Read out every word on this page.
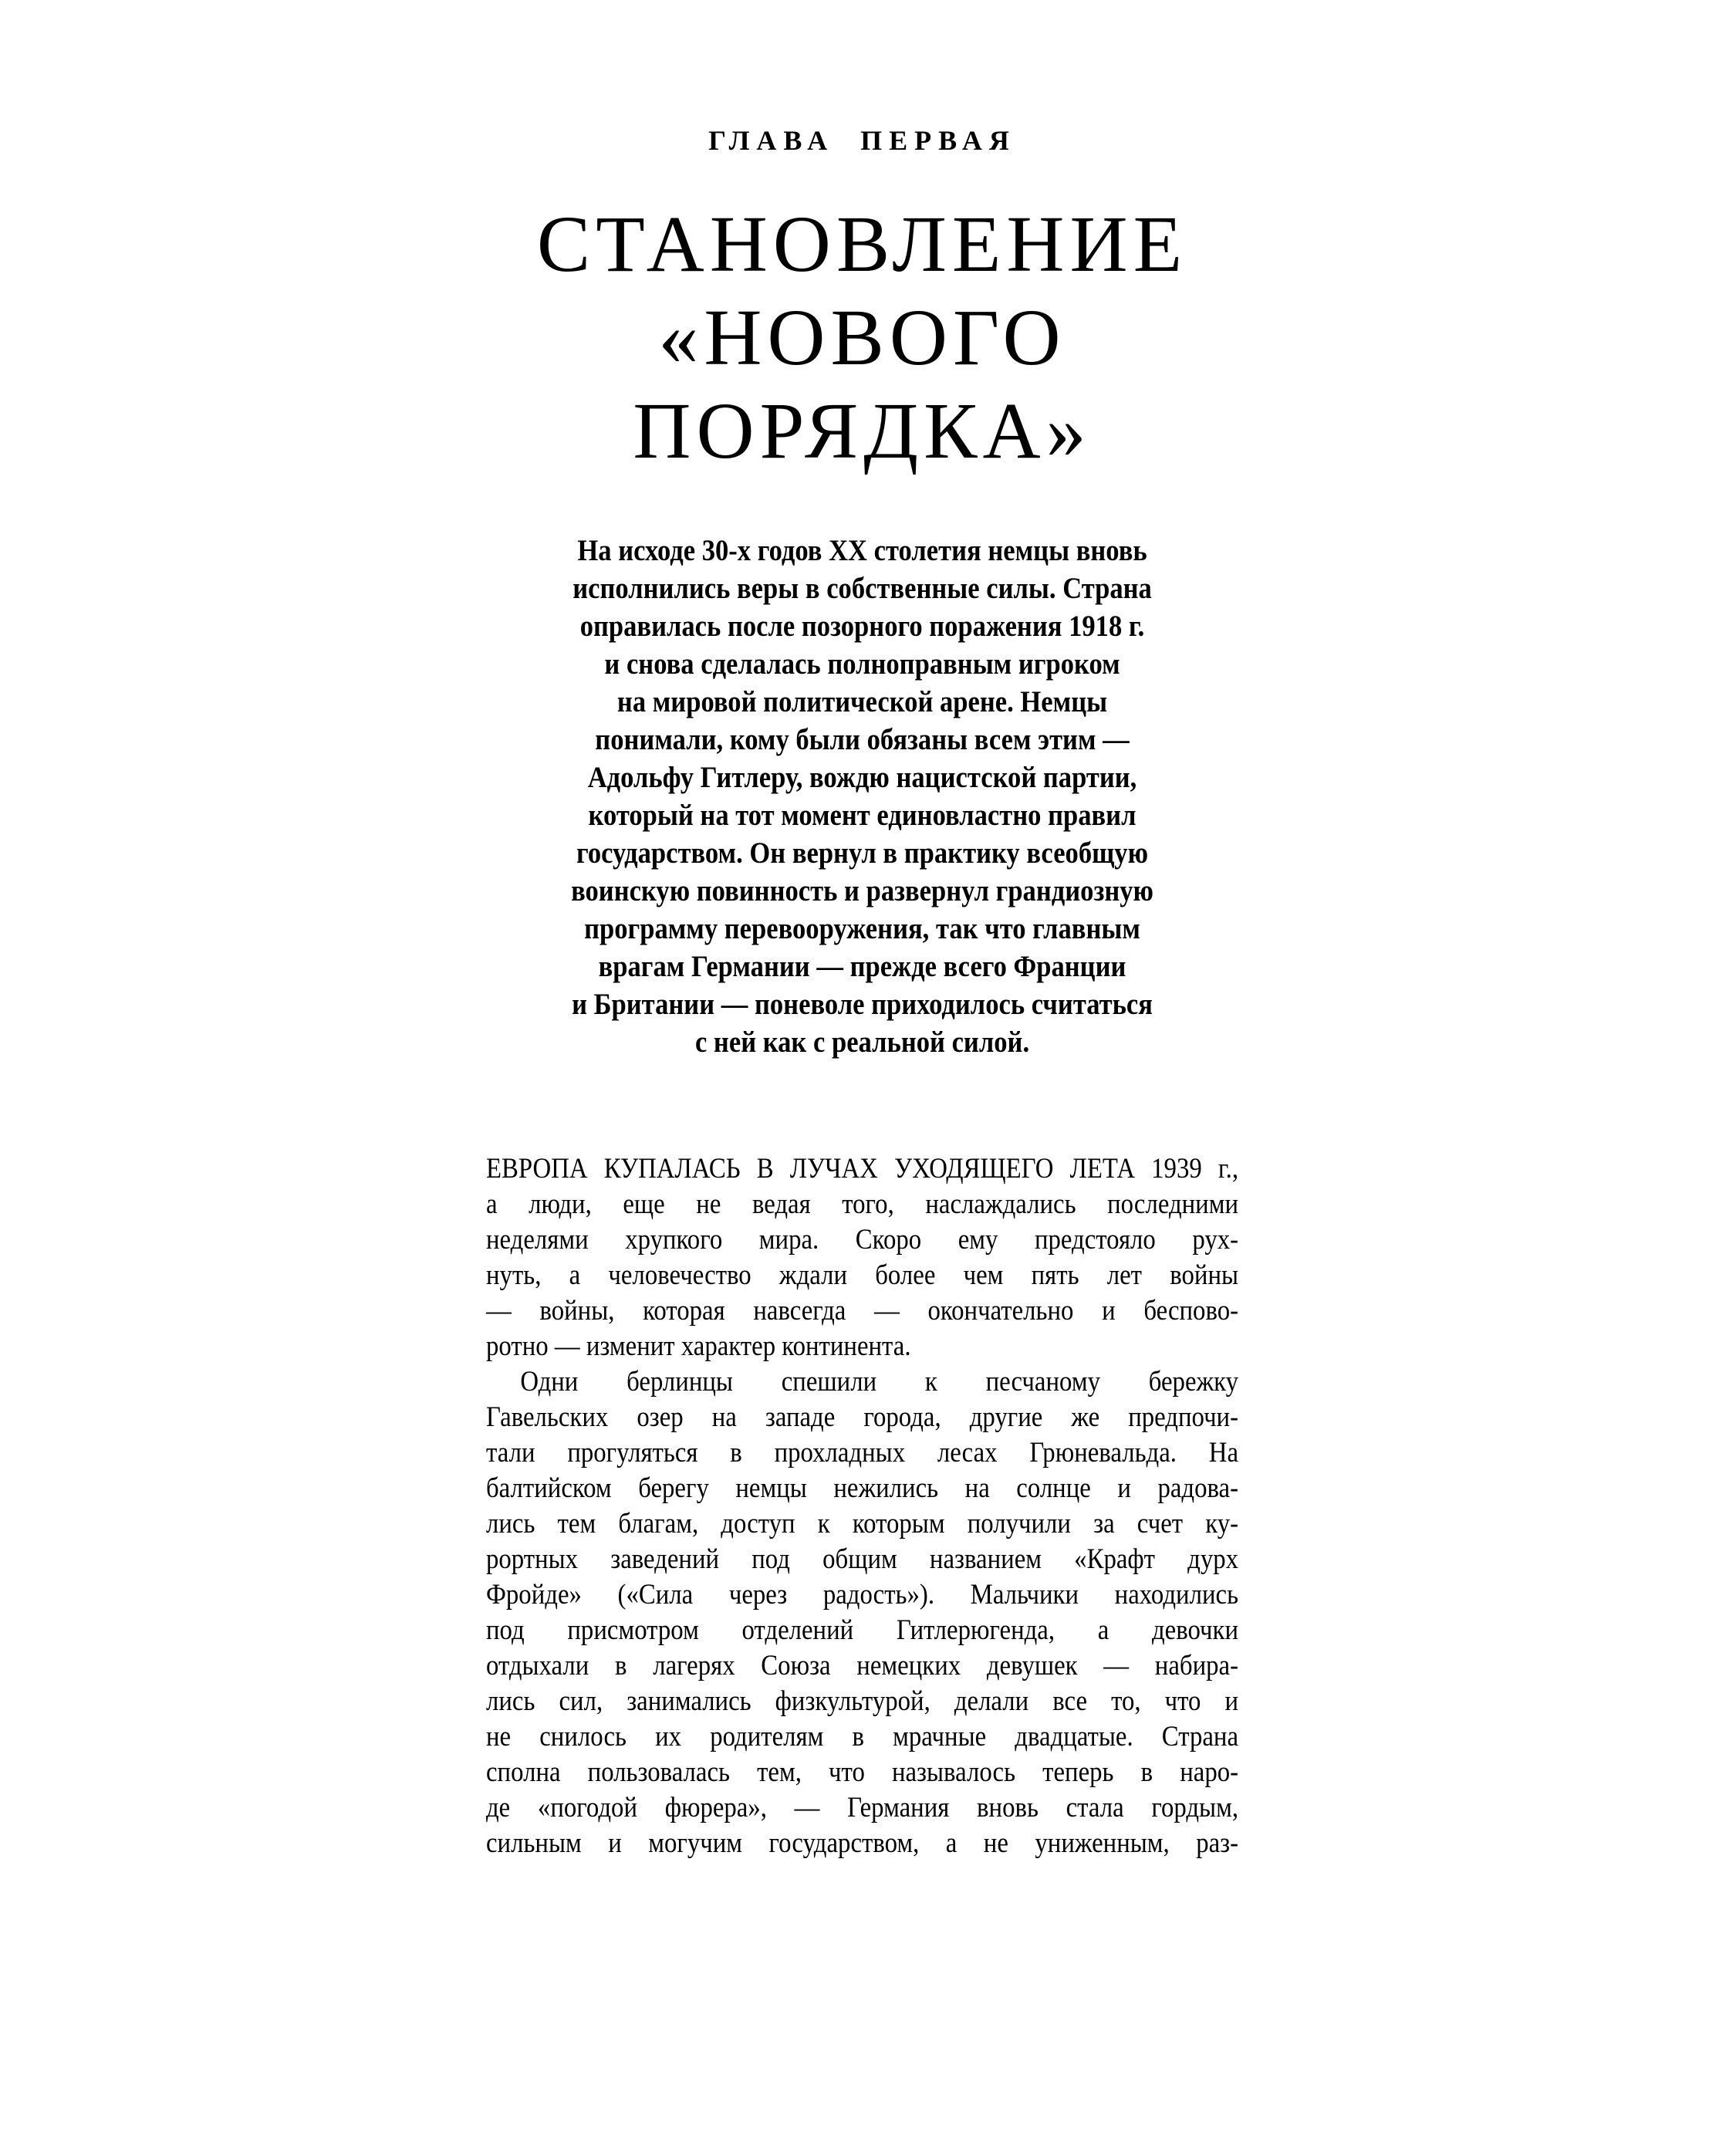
ГЛАВА ПЕРВАЯ
СТАНОВЛЕНИЕ
«НОВОГО
ПОРЯДКА»
На исходе 30-х годов XX столетия немцы вновь
исполнились веры в собственные силы. Страна
оправилась после позорного поражения 1918 г.
и снова сделалась полноправным игроком
на мировой политической арене. Немцы
понимали, кому были обязаны всем этим —
Адольфу Гитлеру, вождю нацистской партии,
который на тот момент единовластно правил
государством. Он вернул в практику всеобщую
воинскую повинность и развернул грандиозную
программу перевооружения, так что главным
врагам Германии — прежде всего Франции
и Британии — поневоле приходилось считаться
с ней как с реальной силой.

ЕВРОПА КУПАЛАСЬ В ЛУЧАХ УХОДЯЩЕГО ЛЕТА 1939 г.,
а люди, еще не ведая того, наслаждались последними
неделями хрупкого мира. Скоро ему предстояло рух-
нуть, а человечество ждали более чем пять лет войны
— войны, которая навсегда — окончательно и беспово-
ротно — изменит характер континента.

Одни берлинцы спешили к песчаному бережку
Гавельских озер на западе города, другие же предпочи-
тали прогуляться в прохладных лесах Грюневальда. На
балтийском берегу немцы нежились на солнце и радова-
лись тем благам, доступ к которым получили за счет ку-
рортных заведений под общим названием «Крафт дурх
Фройде» («Сила через радость»). Мальчики находились
под присмотром отделений Гитлерюгенда, а девочки
отдыхали в лагерях Союза немецких девушек — набира-
лись сил, занимались физкультурой, делали все то, что и
не снилось их родителям в мрачные двадцатые. Страна
сполна пользовалась тем, что называлось теперь в наро-
де «погодой фюрера», — Германия вновь стала гордым,
сильным и могучим государством, а не униженным, раз-
